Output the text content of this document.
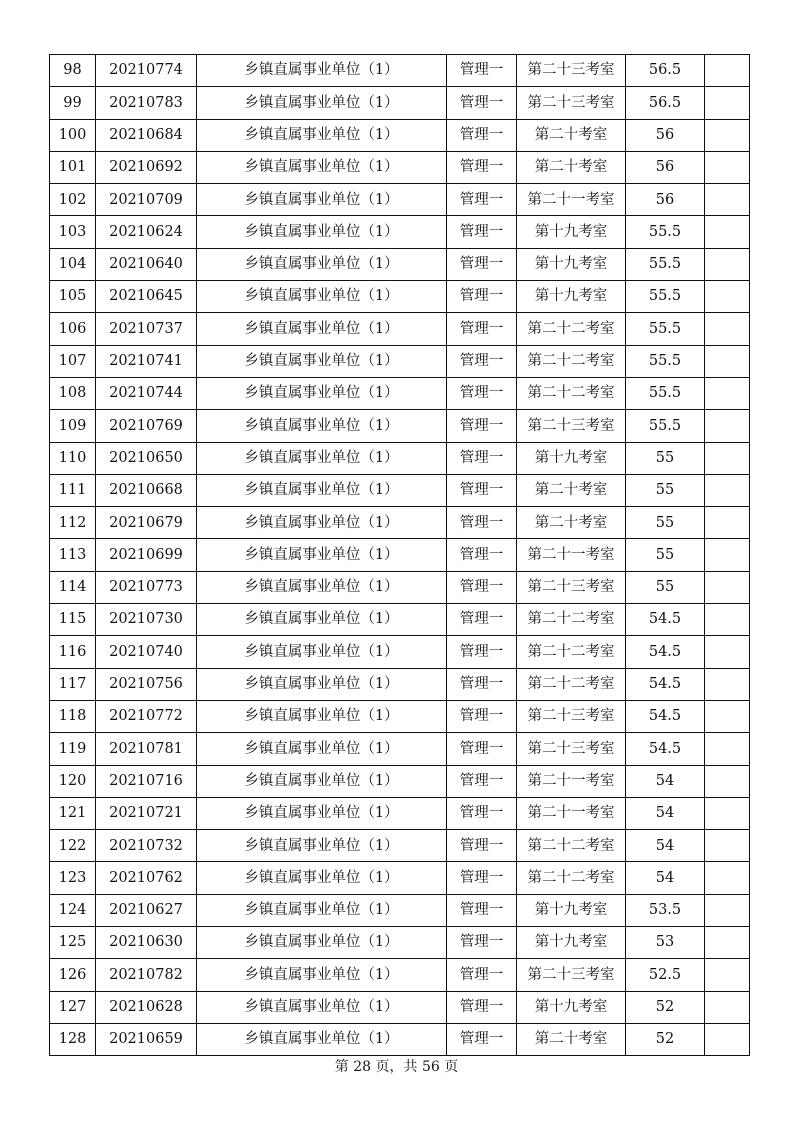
98	20210774	乡镇直属事业单位（1）	管理一	第二十三考室	56.5	
99	20210783	乡镇直属事业单位（1）	管理一	第二十三考室	56.5	
100	20210684	乡镇直属事业单位（1）	管理一	第二十考室	56	
101	20210692	乡镇直属事业单位（1）	管理一	第二十考室	56	
102	20210709	乡镇直属事业单位（1）	管理一	第二十一考室	56	
103	20210624	乡镇直属事业单位（1）	管理一	第十九考室	55.5	
104	20210640	乡镇直属事业单位（1）	管理一	第十九考室	55.5	
105	20210645	乡镇直属事业单位（1）	管理一	第十九考室	55.5	
106	20210737	乡镇直属事业单位（1）	管理一	第二十二考室	55.5	
107	20210741	乡镇直属事业单位（1）	管理一	第二十二考室	55.5	
108	20210744	乡镇直属事业单位（1）	管理一	第二十二考室	55.5	
109	20210769	乡镇直属事业单位（1）	管理一	第二十三考室	55.5	
110	20210650	乡镇直属事业单位（1）	管理一	第十九考室	55	
111	20210668	乡镇直属事业单位（1）	管理一	第二十考室	55	
112	20210679	乡镇直属事业单位（1）	管理一	第二十考室	55	
113	20210699	乡镇直属事业单位（1）	管理一	第二十一考室	55	
114	20210773	乡镇直属事业单位（1）	管理一	第二十三考室	55	
115	20210730	乡镇直属事业单位（1）	管理一	第二十二考室	54.5	
116	20210740	乡镇直属事业单位（1）	管理一	第二十二考室	54.5	
117	20210756	乡镇直属事业单位（1）	管理一	第二十二考室	54.5	
118	20210772	乡镇直属事业单位（1）	管理一	第二十三考室	54.5	
119	20210781	乡镇直属事业单位（1）	管理一	第二十三考室	54.5	
120	20210716	乡镇直属事业单位（1）	管理一	第二十一考室	54	
121	20210721	乡镇直属事业单位（1）	管理一	第二十一考室	54	
122	20210732	乡镇直属事业单位（1）	管理一	第二十二考室	54	
123	20210762	乡镇直属事业单位（1）	管理一	第二十二考室	54	
124	20210627	乡镇直属事业单位（1）	管理一	第十九考室	53.5	
125	20210630	乡镇直属事业单位（1）	管理一	第十九考室	53	
126	20210782	乡镇直属事业单位（1）	管理一	第二十三考室	52.5	
127	20210628	乡镇直属事业单位（1）	管理一	第十九考室	52	
128	20210659	乡镇直属事业单位（1）	管理一	第二十考室	52	
第 28 页，共 56 页
